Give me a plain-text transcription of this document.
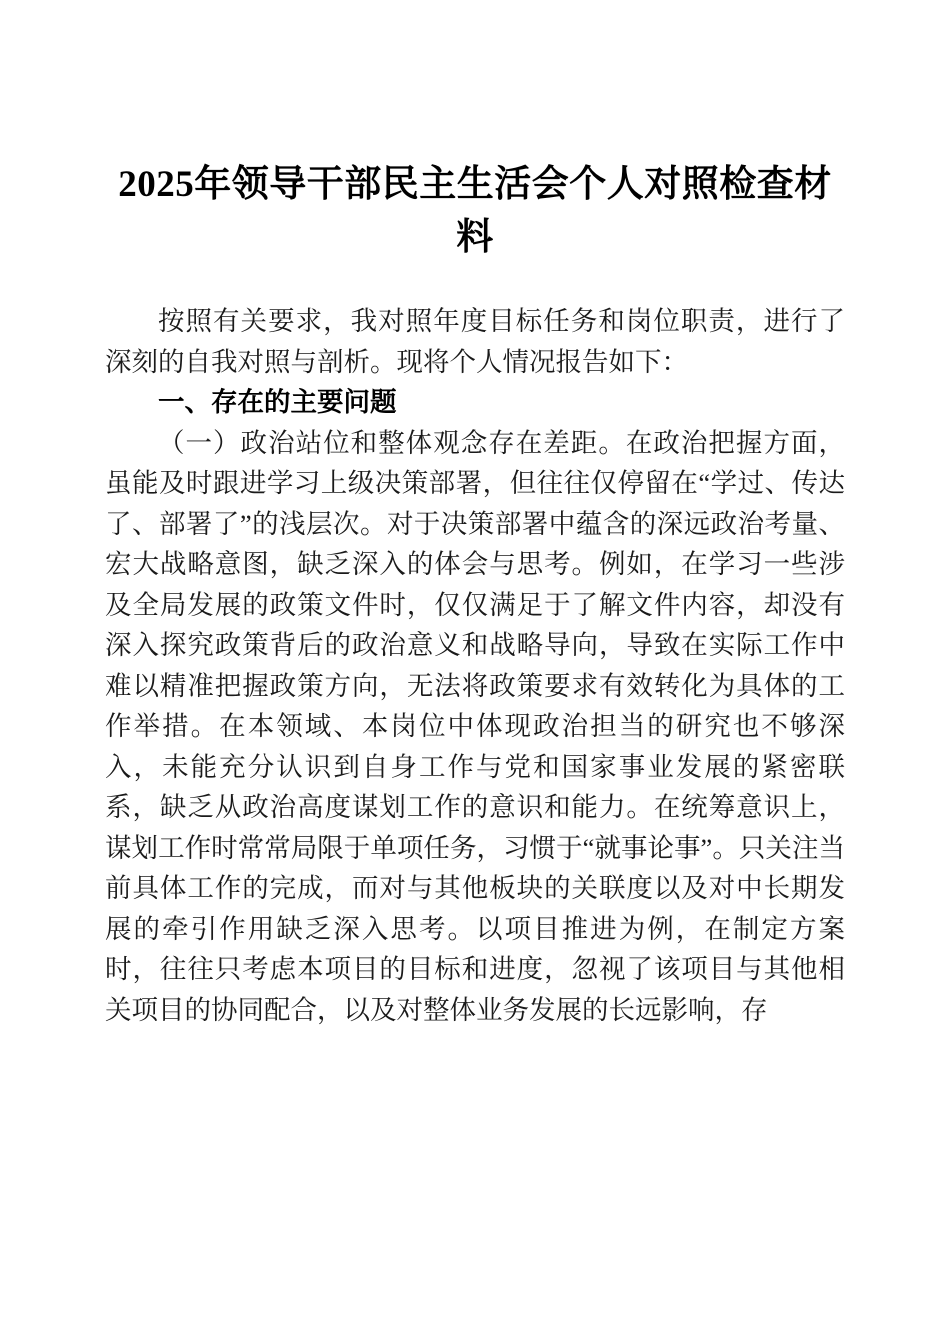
2025年领导干部民主生活会个人对照检查材料

按照有关要求，我对照年度目标任务和岗位职责，进行了深刻的自我对照与剖析。现将个人情况报告如下：

一、存在的主要问题

（一）政治站位和整体观念存在差距。在政治把握方面，虽能及时跟进学习上级决策部署，但往往仅停留在“学过、传达了、部署了”的浅层次。对于决策部署中蕴含的深远政治考量、宏大战略意图，缺乏深入的体会与思考。例如，在学习一些涉及全局发展的政策文件时，仅仅满足于了解文件内容，却没有深入探究政策背后的政治意义和战略导向，导致在实际工作中难以精准把握政策方向，无法将政策要求有效转化为具体的工作举措。在本领域、本岗位中体现政治担当的研究也不够深入，未能充分认识到自身工作与党和国家事业发展的紧密联系，缺乏从政治高度谋划工作的意识和能力。在统筹意识上，谋划工作时常常局限于单项任务，习惯于“就事论事”。只关注当前具体工作的完成，而对与其他板块的关联度以及对中长期发展的牵引作用缺乏深入思考。以项目推进为例，在制定方案时，往往只考虑本项目的目标和进度，忽视了该项目与其他相关项目的协同配合，以及对整体业务发展的长远影响，存
